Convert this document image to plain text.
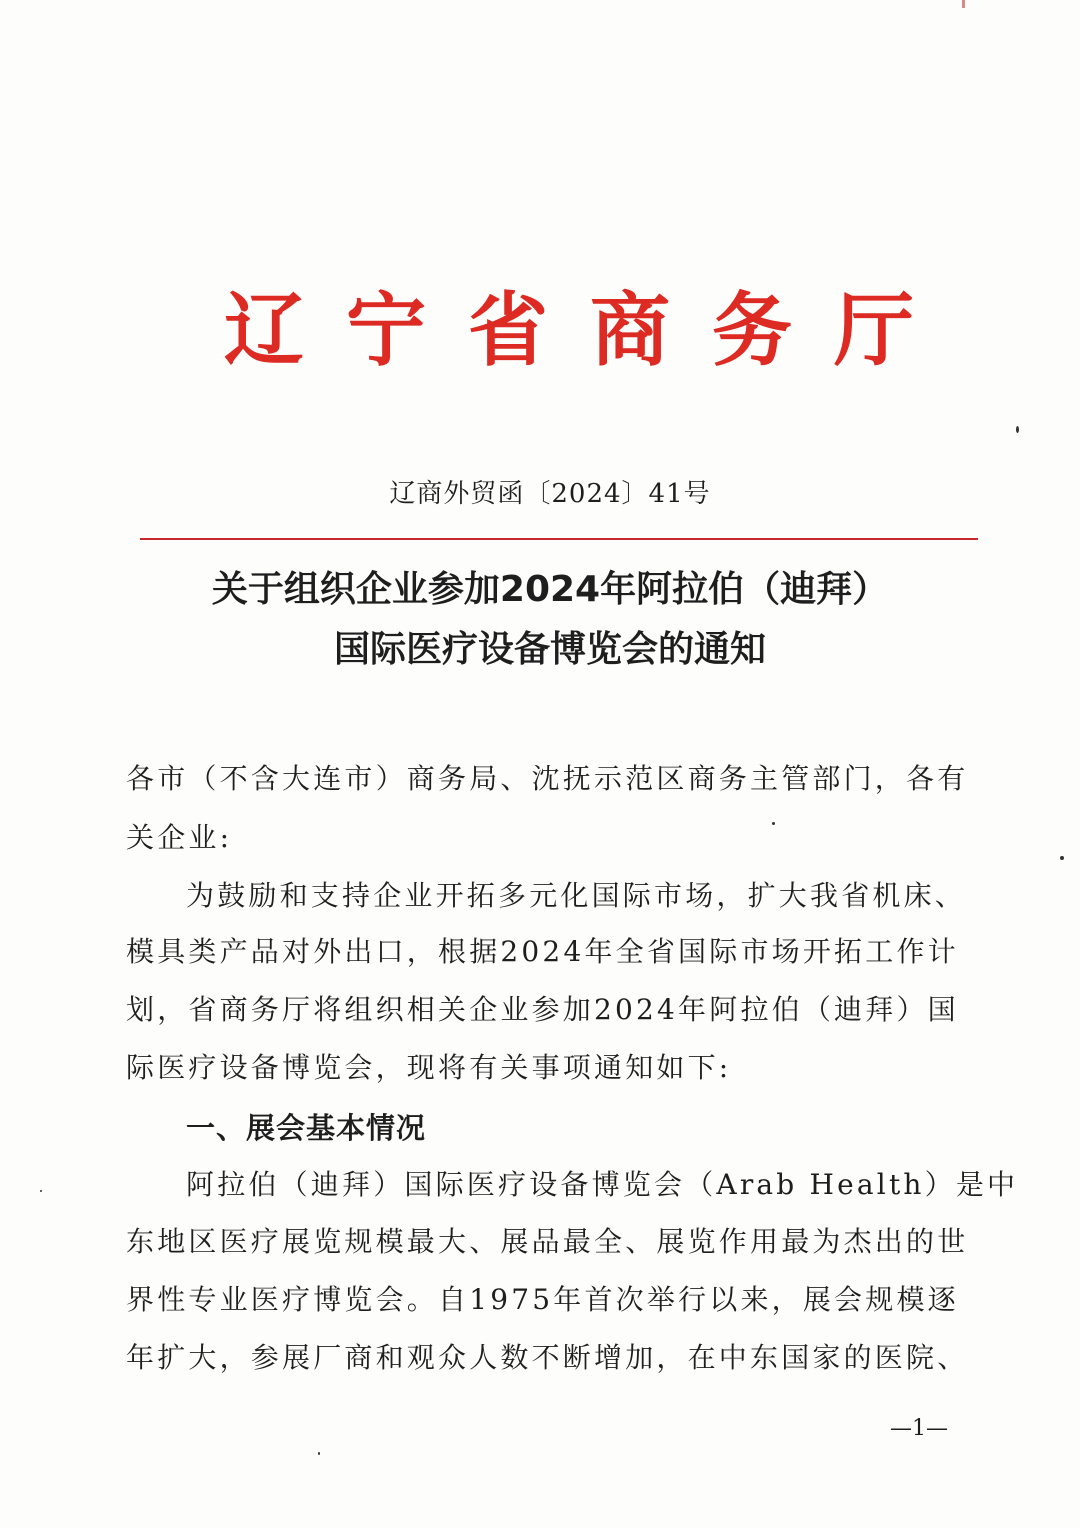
辽宁省商务厅
辽商外贸函〔2024〕41号
关于组织企业参加2024年阿拉伯（迪拜）
国际医疗设备博览会的通知
各市（不含大连市）商务局、沈抚示范区商务主管部门，各有
关企业:
为鼓励和支持企业开拓多元化国际市场，扩大我省机床、
模具类产品对外出口，根据2024年全省国际市场开拓工作计
划，省商务厅将组织相关企业参加2024年阿拉伯（迪拜）国
际医疗设备博览会，现将有关事项通知如下:
一、展会基本情况
阿拉伯（迪拜）国际医疗设备博览会（Arab Health）是中
东地区医疗展览规模最大、展品最全、展览作用最为杰出的世
界性专业医疗博览会。自1975年首次举行以来，展会规模逐
年扩大，参展厂商和观众人数不断增加，在中东国家的医院、
—1—
